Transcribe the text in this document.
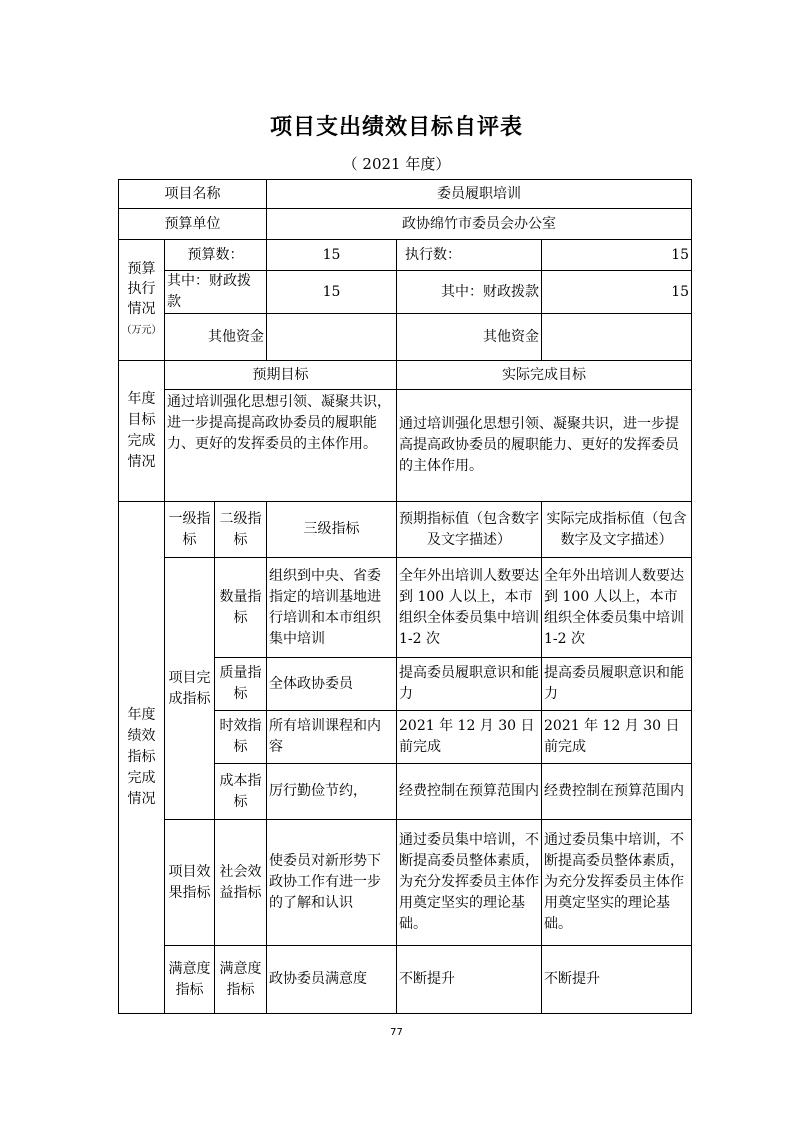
项目支出绩效目标自评表
（ 2021 年度）
项目名称			委员履职培训		
预算单位			政协绵竹市委员会办公室		
预算执行情况
（万元）	预算数：		15	执行数：	15
	其中：财政拨款		15	其中：财政拨款	15
	其他资金			其他资金	
年度目标完成情况	预期目标			实际完成目标	
	通过培训强化思想引领、凝聚共识，进一步提高提高政协委员的履职能力、更好的发挥委员的主体作用。			通过培训强化思想引领、凝聚共识，进一步提高提高政协委员的履职能力、更好的发挥委员的主体作用。	
年度绩效指标完成情况	一级指标	二级指标	三级指标	预期指标值（包含数字及文字描述）	实际完成指标值（包含数字及文字描述）
	项目完成指标	数量指标	组织到中央、省委指定的培训基地进行培训和本市组织集中培训	全年外出培训人数要达到 100 人以上，本市组织全体委员集中培训 1-2 次	全年外出培训人数要达到 100 人以上，本市组织全体委员集中培训 1-2 次
		质量指标	全体政协委员	提高委员履职意识和能力	提高委员履职意识和能力
		时效指标	所有培训课程和内容	2021 年 12 月 30 日前完成	2021 年 12 月 30 日前完成
		成本指标	厉行勤俭节约，	经费控制在预算范围内	经费控制在预算范围内
	项目效果指标	社会效益指标	使委员对新形势下政协工作有进一步的了解和认识	通过委员集中培训，不断提高委员整体素质，为充分发挥委员主体作用奠定坚实的理论基础。	通过委员集中培训，不断提高委员整体素质，为充分发挥委员主体作用奠定坚实的理论基础。
	满意度指标	满意度指标	政协委员满意度	不断提升	不断提升
77
